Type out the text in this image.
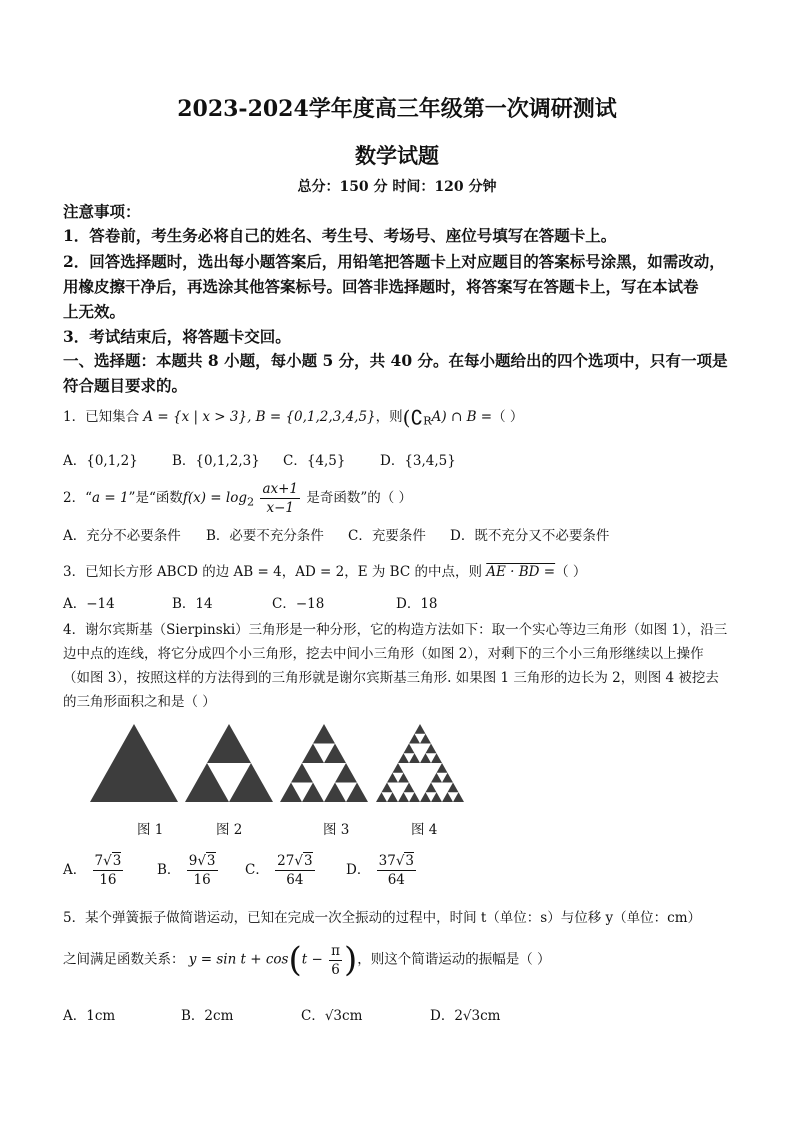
2023-2024学年度高三年级第一次调研测试
数学试题
总分：150 分 时间：120 分钟
注意事项：
1．答卷前，考生务必将自己的姓名、考生号、考场号、座位号填写在答题卡上。
2．回答选择题时，选出每小题答案后，用铅笔把答题卡上对应题目的答案标号涂黑，如需改动，
用橡皮擦干净后，再选涂其他答案标号。回答非选择题时，将答案写在答题卡上，写在本试卷
上无效。
3．考试结束后，将答题卡交回。
一、选择题：本题共 8 小题，每小题 5 分，共 40 分。在每小题给出的四个选项中，只有一项是
符合题目要求的。
1．已知集合 A = {x | x > 3}, B = {0,1,2,3,4,5}，则$(∁_RA)$ ∩ B =（ ）
A．{0,1,2}	B．{0,1,2,3} C．{4,5}	D．{3,4,5}
2．“a = 1”是“函数$f(x) = \log_2 \frac{ax+1}{x-1}$ 是奇函数”的（ ）
A．充分不必要条件 B．必要不充分条件 C．充要条件 D．既不充分又不必要条件
3．已知长方形 ABCD 的边 AB = 4，AD = 2，E 为 BC 的中点，则 AE · BD =（ ）
A．−14	B．14	C．−18	D．18
4．谢尔宾斯基（Sierpinski）三角形是一种分形，它的构造方法如下：取一个实心等边三角形（如图 1），沿三
边中点的连线，将它分成四个小三角形，挖去中间小三角形（如图 2），对剩下的三个小三角形继续以上操作
（如图 3），按照这样的方法得到的三角形就是谢尔宾斯基三角形. 如果图 1 三角形的边长为 2，则图 4 被挖去
的三角形面积之和是（ ）
图 1	图 2	图 3	图 4
A． $\frac{7√3}{16}$ B． $\frac{9√3}{16}$ C． $\frac{27√3}{64}$ D． $\frac{37√3}{64}$
5．某个弹簧振子做简谐运动，已知在完成一次全振动的过程中，时间 t（单位：s）与位移 y（单位：cm）
之间满足函数关系： $y = \sin t + \cos(t - \frac{\pi}{6}$ )，则这个简谐运动的振幅是（ ）
A．1cm	B．2cm	C．√3cm	D．2√3cm
